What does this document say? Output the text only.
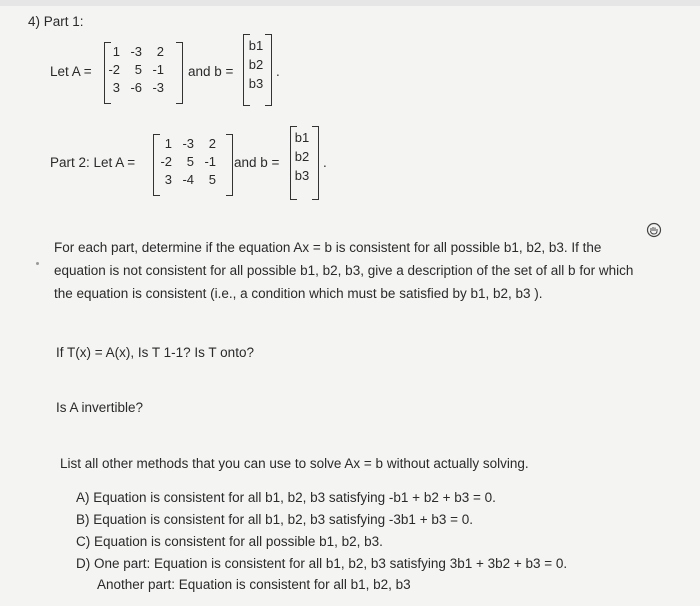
4) Part 1:
Let A =
1 -3	2
-2	5 -1
3 -6 -3
and b =
b1
b2
b3
.
Part 2: Let A =
1 -3	2
-2	5 -1
3 -4	5
and b =
b1
b2
b3
.
For each part, determine if the equation Ax = b is consistent for all possible b1, b2, b3. If the
equation is not consistent for all possible b1, b2, b3, give a description of the set of all b for which
the equation is consistent (i.e., a condition which must be satisfied by b1, b2, b3 ).
If T(x) = A(x), Is T 1-1? Is T onto?
Is A invertible?
List all other methods that you can use to solve Ax = b without actually solving.
A) Equation is consistent for all b1, b2, b3 satisfying -b1 + b2 + b3 = 0.
B) Equation is consistent for all b1, b2, b3 satisfying -3b1 + b3 = 0.
C) Equation is consistent for all possible b1, b2, b3.
D) One part: Equation is consistent for all b1, b2, b3 satisfying 3b1 + 3b2 + b3 = 0.
Another part: Equation is consistent for all b1, b2, b3
